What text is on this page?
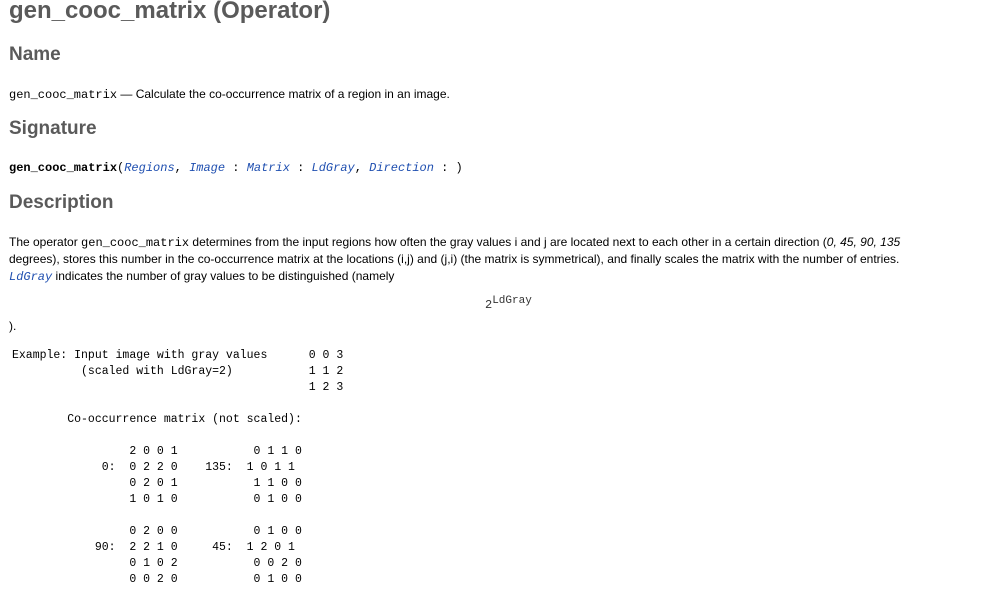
gen_cooc_matrix (Operator)
Name
gen_cooc_matrix — Calculate the co-occurrence matrix of a region in an image.
Signature
gen_cooc_matrix(Regions, Image : Matrix : LdGray, Direction : )
Description
The operator gen_cooc_matrix determines from the input regions how often the gray values i and j are located next to each other in a certain direction (0, 45, 90, 135
degrees), stores this number in the co-occurrence matrix at the locations (i,j) and (j,i) (the matrix is symmetrical), and finally scales the matrix with the number of entries.
LdGray indicates the number of gray values to be distinguished (namely
2LdGray
).
Example: Input image with gray values      0 0 3
(scaled with LdGray=2)           1 1 2
1 2 3

Co-occurrence matrix (not scaled):

2 0 0 1           0 1 1 0
0:  0 2 2 0    135:  1 0 1 1
0 2 0 1           1 1 0 0
1 0 1 0           0 1 0 0

0 2 0 0           0 1 0 0
90:  2 2 1 0     45:  1 2 0 1
0 1 0 2           0 0 2 0
0 0 2 0           0 1 0 0
